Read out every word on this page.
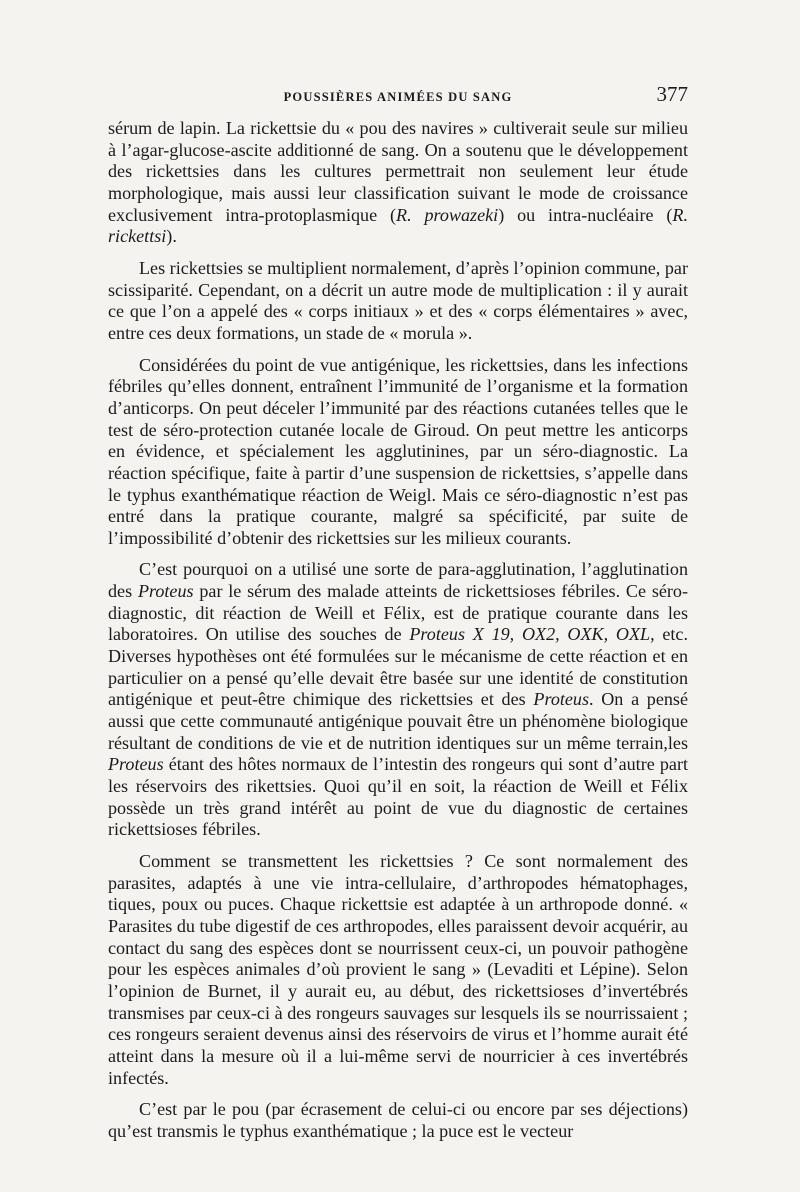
POUSSIÈRES ANIMÉES DU SANG	377

sérum de lapin. La rickettsie du « pou des navires » cultiverait seule sur milieu à l’agar-glucose-ascite additionné de sang. On a soutenu que le développement des rickettsies dans les cultures permettrait non seulement leur étude morphologique, mais aussi leur classification suivant le mode de croissance exclusivement intra-protoplasmique (R. prowazeki) ou intra-nucléaire (R. rickettsi).

Les rickettsies se multiplient normalement, d’après l’opinion commune, par scissiparité. Cependant, on a décrit un autre mode de multiplication : il y aurait ce que l’on a appelé des « corps initiaux » et des « corps élémentaires » avec, entre ces deux formations, un stade de « morula ».

Considérées du point de vue antigénique, les rickettsies, dans les infections fébriles qu’elles donnent, entraînent l’immunité de l’organisme et la formation d’anticorps. On peut déceler l’immunité par des réactions cutanées telles que le test de séro-protection cutanée locale de Giroud. On peut mettre les anticorps en évidence, et spécialement les agglutinines, par un séro-diagnostic. La réaction spécifique, faite à partir d’une suspension de rickettsies, s’appelle dans le typhus exanthématique réaction de Weigl. Mais ce séro-diagnostic n’est pas entré dans la pratique courante, malgré sa spécificité, par suite de l’impossibilité d’obtenir des rickettsies sur les milieux courants.

C’est pourquoi on a utilisé une sorte de para-agglutination, l’agglutination des Proteus par le sérum des malade atteints de rickettsioses fébriles. Ce séro-diagnostic, dit réaction de Weill et Félix, est de pratique courante dans les laboratoires. On utilise des souches de Proteus X 19, OX2, OXK, OXL, etc. Diverses hypothèses ont été formulées sur le mécanisme de cette réaction et en particulier on a pensé qu’elle devait être basée sur une identité de constitution antigénique et peut-être chimique des rickettsies et des Proteus. On a pensé aussi que cette communauté antigénique pouvait être un phénomène biologique résultant de conditions de vie et de nutrition identiques sur un même terrain,les Proteus étant des hôtes normaux de l’intestin des rongeurs qui sont d’autre part les réservoirs des rikettsies. Quoi qu’il en soit, la réaction de Weill et Félix possède un très grand intérêt au point de vue du diagnostic de certaines rickettsioses fébriles.

Comment se transmettent les rickettsies ? Ce sont normalement des parasites, adaptés à une vie intra-cellulaire, d’arthropodes hématophages, tiques, poux ou puces. Chaque rickettsie est adaptée à un arthropode donné. « Parasites du tube digestif de ces arthropodes, elles paraissent devoir acquérir, au contact du sang des espèces dont se nourrissent ceux-ci, un pouvoir pathogène pour les espèces animales d’où provient le sang » (Levaditi et Lépine). Selon l’opinion de Burnet, il y aurait eu, au début, des rickettsioses d’invertébrés transmises par ceux-ci à des rongeurs sauvages sur lesquels ils se nourrissaient ; ces rongeurs seraient devenus ainsi des réservoirs de virus et l’homme aurait été atteint dans la mesure où il a lui-même servi de nourricier à ces invertébrés infectés.

C’est par le pou (par écrasement de celui-ci ou encore par ses déjections) qu’est transmis le typhus exanthématique ; la puce est le vecteur
